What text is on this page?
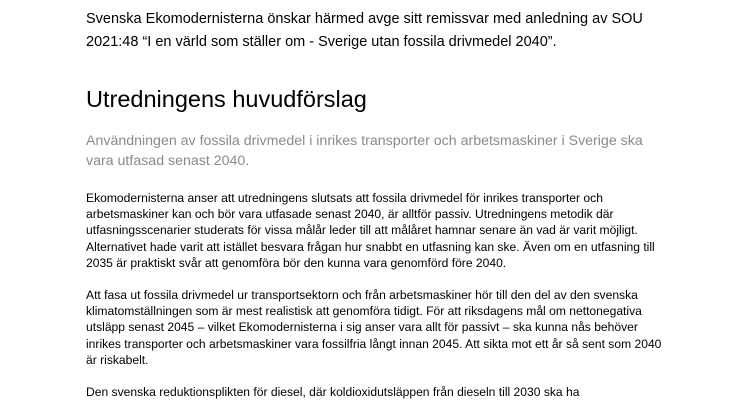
Svenska Ekomodernisterna önskar härmed avge sitt remissvar med anledning av SOU 2021:48 “I en värld som ställer om - Sverige utan fossila drivmedel 2040”.

Utredningens huvudförslag

Användningen av fossila drivmedel i inrikes transporter och arbetsmaskiner i Sverige ska vara utfasad senast 2040.

Ekomodernisterna anser att utredningens slutsats att fossila drivmedel för inrikes transporter och arbetsmaskiner kan och bör vara utfasade senast 2040, är alltför passiv. Utredningens metodik där utfasningsscenarier studerats för vissa målår leder till att målåret hamnar senare än vad är varit möjligt. Alternativet hade varit att istället besvara frågan hur snabbt en utfasning kan ske. Även om en utfasning till 2035 är praktiskt svår att genomföra bör den kunna vara genomförd före 2040.

Att fasa ut fossila drivmedel ur transportsektorn och från arbetsmaskiner hör till den del av den svenska klimatomställningen som är mest realistisk att genomföra tidigt. För att riksdagens mål om nettonegativa utsläpp senast 2045 – vilket Ekomodernisterna i sig anser vara allt för passivt – ska kunna nås behöver inrikes transporter och arbetsmaskiner vara fossilfria långt innan 2045. Att sikta mot ett år så sent som 2040 är riskabelt.

Den svenska reduktionsplikten för diesel, där koldioxidutsläppen från dieseln till 2030 ska ha
